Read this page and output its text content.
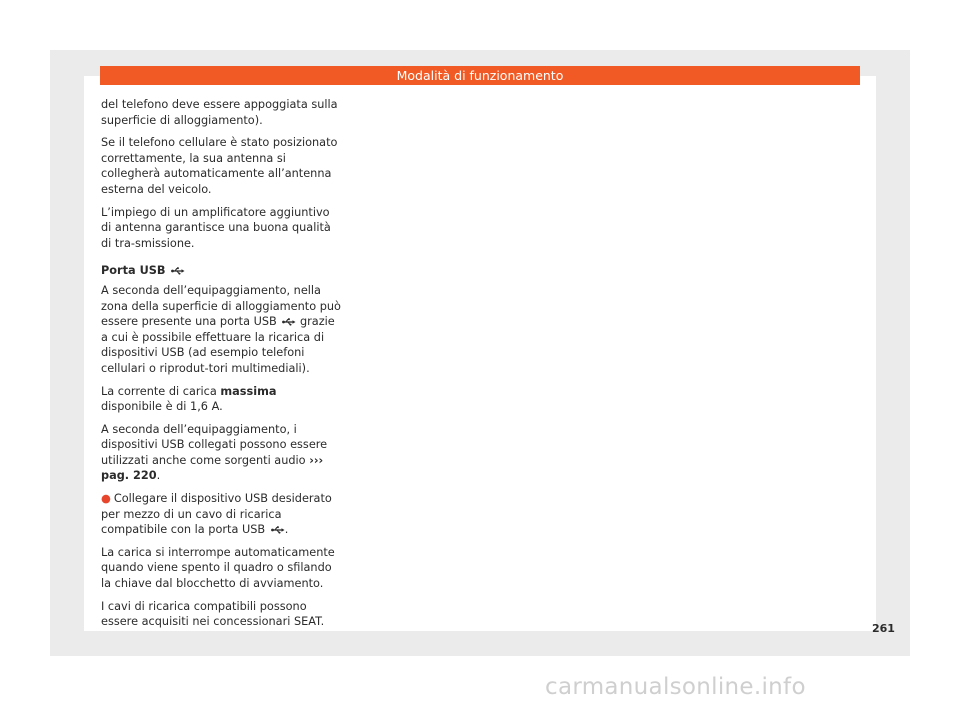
Modalità di funzionamento

del telefono deve essere appoggiata sulla superficie di alloggiamento).

Se il telefono cellulare è stato posizionato correttamente, la sua antenna si collegherà automaticamente all’antenna esterna del veicolo.

L’impiego di un amplificatore aggiuntivo di antenna garantisce una buona qualità di tra-smissione.

Porta USB

A seconda dell’equipaggiamento, nella zona della superficie di alloggiamento può essere presente una porta USB grazie a cui è possibile effettuare la ricarica di dispositivi USB (ad esempio telefoni cellulari o riprodut-tori multimediali).

La corrente di carica massima disponibile è di 1,6 A.

A seconda dell’equipaggiamento, i dispositivi USB collegati possono essere utilizzati anche come sorgenti audio ››› pag. 220.

● Collegare il dispositivo USB desiderato per mezzo di un cavo di ricarica compatibile con la porta USB .

La carica si interrompe automaticamente quando viene spento il quadro o sfilando la chiave dal blocchetto di avviamento.

I cavi di ricarica compatibili possono essere acquisiti nei concessionari SEAT.

261
carmanualsonline.info
